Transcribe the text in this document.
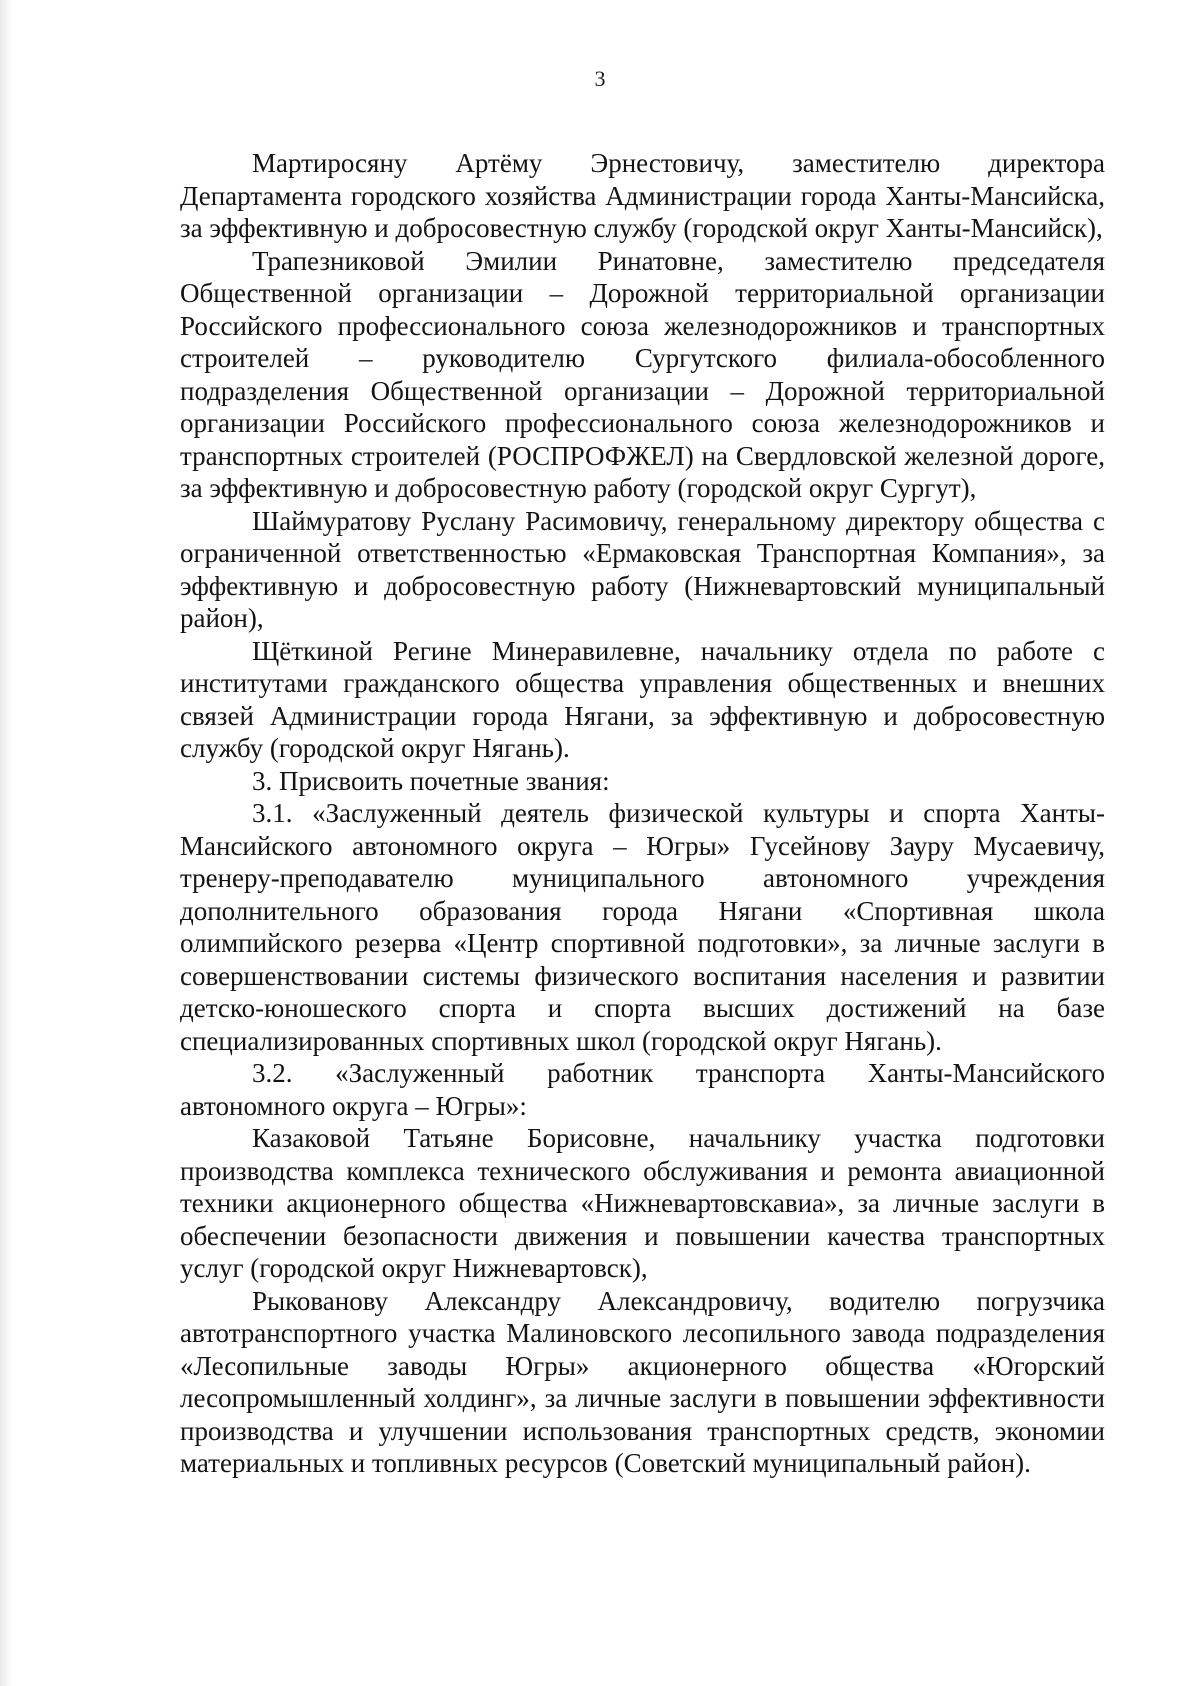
3

Мартиросяну Артёму Эрнестовичу, заместителю директора Департамента городского хозяйства Администрации города Ханты-Мансийска, за эффективную и добросовестную службу (городской округ Ханты-Мансийск),

Трапезниковой Эмилии Ринатовне, заместителю председателя Общественной организации – Дорожной территориальной организации Российского профессионального союза железнодорожников и транспортных строителей – руководителю Сургутского филиала-обособленного подразделения Общественной организации – Дорожной территориальной организации Российского профессионального союза железнодорожников и транспортных строителей (РОСПРОФЖЕЛ) на Свердловской железной дороге, за эффективную и добросовестную работу (городской округ Сургут),

Шаймуратову Руслану Расимовичу, генеральному директору общества с ограниченной ответственностью «Ермаковская Транспортная Компания», за эффективную и добросовестную работу (Нижневартовский муниципальный район),

Щёткиной Регине Минеравилевне, начальнику отдела по работе с институтами гражданского общества управления общественных и внешних связей Администрации города Нягани, за эффективную и добросовестную службу (городской округ Нягань).

3. Присвоить почетные звания:

3.1. «Заслуженный деятель физической культуры и спорта Ханты-Мансийского автономного округа – Югры» Гусейнову Зауру Мусаевичу, тренеру-преподавателю муниципального автономного учреждения дополнительного образования города Нягани «Спортивная школа олимпийского резерва «Центр спортивной подготовки», за личные заслуги в совершенствовании системы физического воспитания населения и развитии детско-юношеского спорта и спорта высших достижений на базе специализированных спортивных школ (городской округ Нягань).

3.2. «Заслуженный работник транспорта Ханты-Мансийского автономного округа – Югры»:

Казаковой Татьяне Борисовне, начальнику участка подготовки производства комплекса технического обслуживания и ремонта авиационной техники акционерного общества «Нижневартовскавиа», за личные заслуги в обеспечении безопасности движения и повышении качества транспортных услуг (городской округ Нижневартовск),

Рыкованову Александру Александровичу, водителю погрузчика автотранспортного участка Малиновского лесопильного завода подразделения «Лесопильные заводы Югры» акционерного общества «Югорский лесопромышленный холдинг», за личные заслуги в повышении эффективности производства и улучшении использования транспортных средств, экономии материальных и топливных ресурсов (Советский муниципальный район).
